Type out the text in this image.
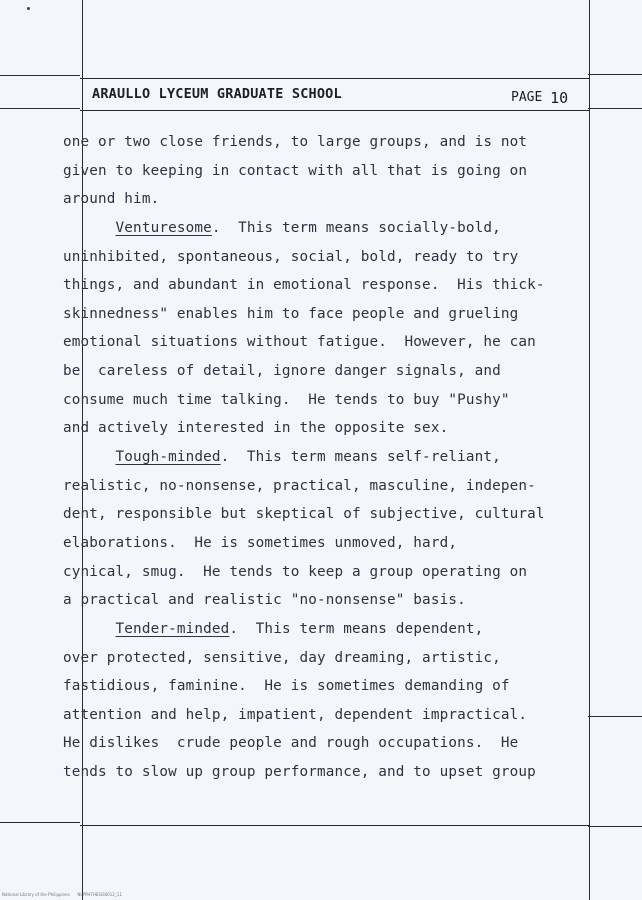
ARAULLO LYCEUM GRADUATE SCHOOL	PAGE 10
one or two close friends, to large groups, and is not
given to keeping in contact with all that is going on
around him.
Venturesome.  This term means socially-bold,
uninhibited, spontaneous, social, bold, ready to try
things, and abundant in emotional response.  His thick-
skinnedness" enables him to face people and grueling
emotional situations without fatigue.  However, he can
be  careless of detail, ignore danger signals, and
consume much time talking.  He tends to buy "Pushy"
and actively interested in the opposite sex.
Tough-minded.  This term means self-reliant,
realistic, no-nonsense, practical, masculine, indepen-
dent, responsible but skeptical of subjective, cultural
elaborations.  He is sometimes unmoved, hard,
cynical, smug.  He tends to keep a group operating on
a practical and realistic "no-nonsense" basis.
Tender-minded.  This term means dependent,
over protected, sensitive, day dreaming, artistic,
fastidious, faminine.  He is sometimes demanding of
attention and help, impatient, dependent impractical.
He dislikes  crude people and rough occupations.  He
tends to slow up group performance, and to upset group
National Library of the Philippines      NLPPHTHESIS0012_11
